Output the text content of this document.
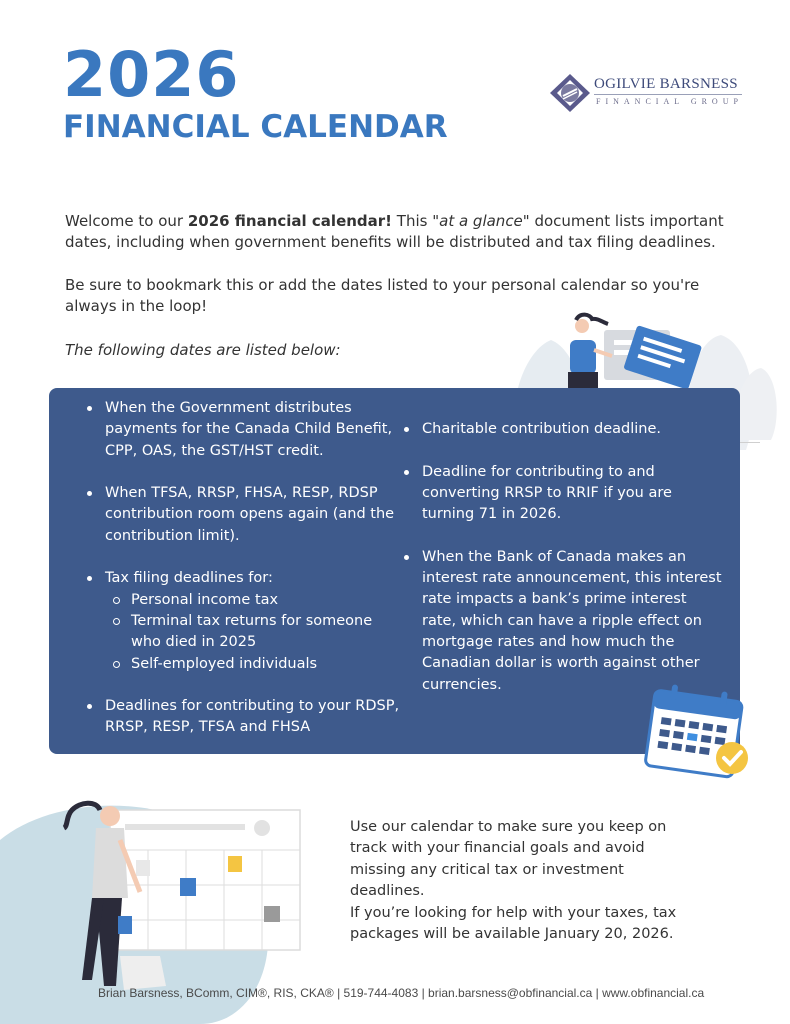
2026
FINANCIAL CALENDAR
OGILVIE BARSNESS
FINANCIAL GROUP

Welcome to our 2026 financial calendar! This "at a glance" document lists important dates, including when government benefits will be distributed and tax filing deadlines.

Be sure to bookmark this or add the dates listed to your personal calendar so you're always in the loop!

The following dates are listed below:

When the Government distributes payments for the Canada Child Benefit, CPP, OAS, the GST/HST credit.
When TFSA, RRSP, FHSA, RESP, RDSP contribution room opens again (and the contribution limit).
Tax filing deadlines for:
Personal income tax
Terminal tax returns for someone who died in 2025
Self-employed individuals
Deadlines for contributing to your RDSP, RRSP, RESP, TFSA and FHSA
Charitable contribution deadline.
Deadline for contributing to and converting RRSP to RRIF if you are turning 71 in 2026.
When the Bank of Canada makes an interest rate announcement, this interest rate impacts a bank’s prime interest rate, which can have a ripple effect on mortgage rates and how much the Canadian dollar is worth against other currencies.

Use our calendar to make sure you keep on track with your financial goals and avoid missing any critical tax or investment deadlines.

If you’re looking for help with your taxes, tax packages will be available January 20, 2026.

Brian Barsness, BComm, CIM®, RIS, CKA® | 519-744-4083 | brian.barsness@obfinancial.ca | www.obfinancial.ca
